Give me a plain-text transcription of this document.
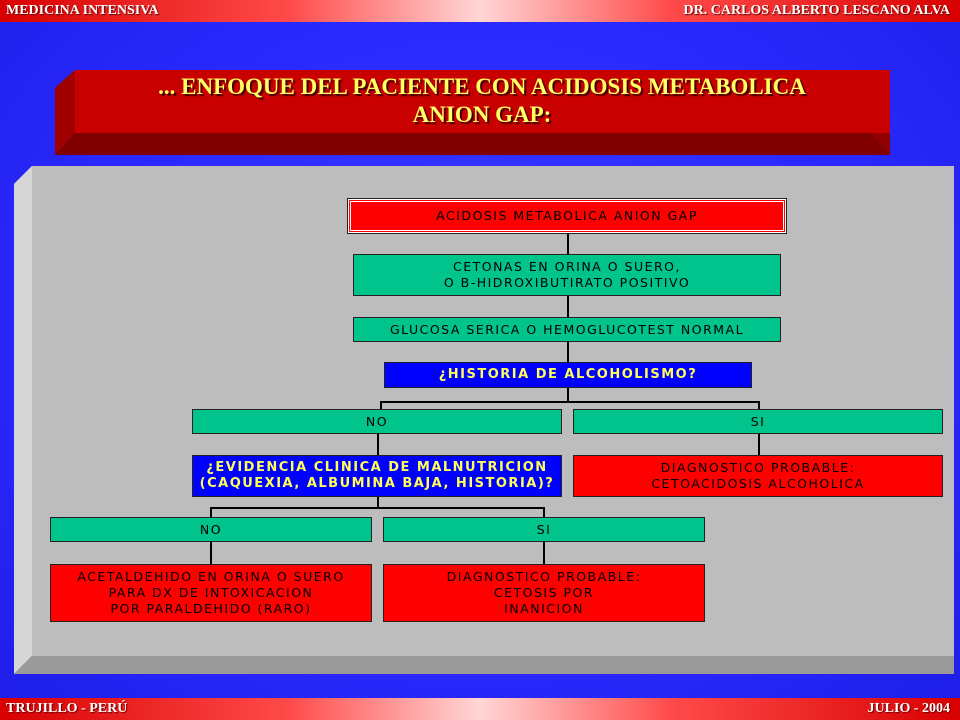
MEDICINA INTENSIVA	DR. CARLOS ALBERTO LESCANO ALVA
... ENFOQUE DEL PACIENTE CON ACIDOSIS METABOLICA
ANION GAP:
ACIDOSIS METABOLICA ANION GAP
CETONAS EN ORINA O SUERO,
O B-HIDROXIBUTIRATO POSITIVO
GLUCOSA SERICA O HEMOGLUCOTEST NORMAL
¿HISTORIA DE ALCOHOLISMO?
NO	SI
¿EVIDENCIA CLINICA DE MALNUTRICION
(CAQUEXIA, ALBUMINA BAJA, HISTORIA)?
DIAGNOSTICO PROBABLE:
CETOACIDOSIS ALCOHOLICA
NO	SI
ACETALDEHIDO EN ORINA O SUERO
PARA DX DE INTOXICACION
POR PARALDEHIDO (RARO)
DIAGNOSTICO PROBABLE:
CETOSIS POR
INANICION
TRUJILLO - PERÚ	JULIO - 2004
